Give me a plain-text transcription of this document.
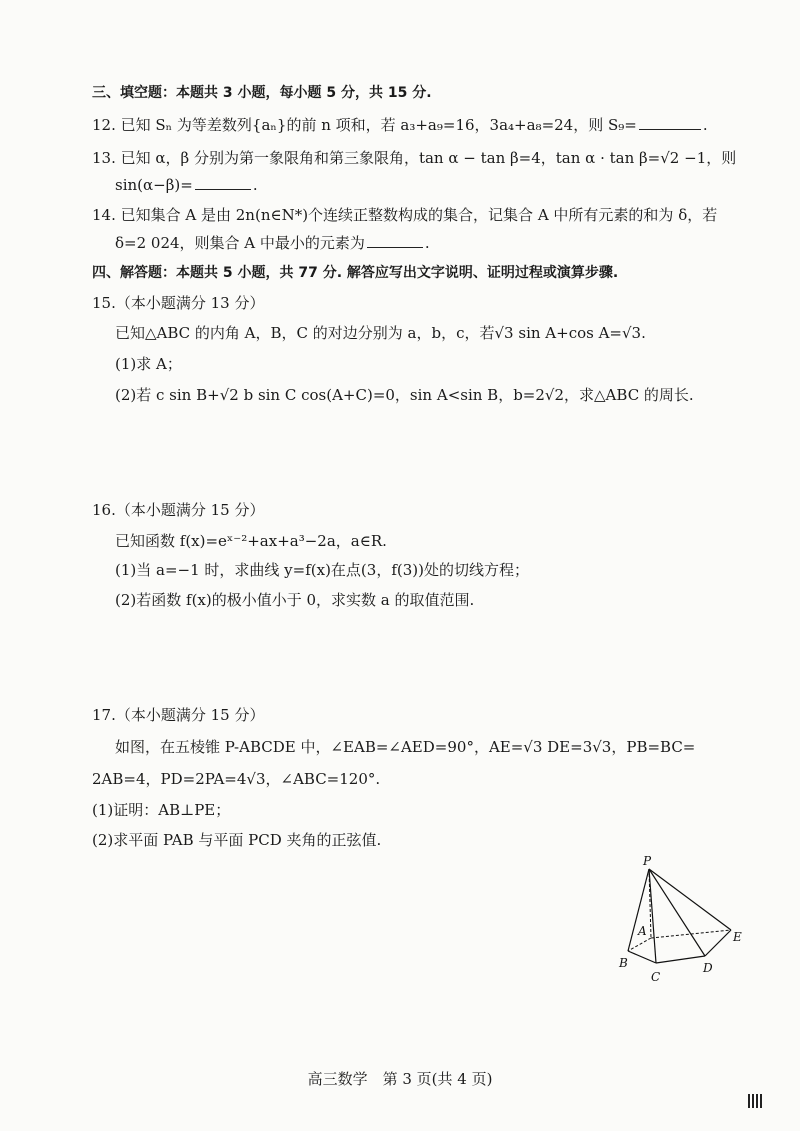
三、填空题：本题共 3 小题，每小题 5 分，共 15 分.
12. 已知 Sₙ 为等差数列{aₙ}的前 n 项和，若 a₃+a₉=16，3a₄+a₈=24，则 S₉=	.
13. 已知 α，β 分别为第一象限角和第三象限角，tan α − tan β=4，tan α · tan β=√2 −1，则
sin(α−β)=	.
14. 已知集合 A 是由 2n(n∈N*)个连续正整数构成的集合，记集合 A 中所有元素的和为 δ，若
δ=2 024，则集合 A 中最小的元素为	.
四、解答题：本题共 5 小题，共 77 分. 解答应写出文字说明、证明过程或演算步骤.
15.（本小题满分 13 分）
已知△ABC 的内角 A，B，C 的对边分别为 a，b，c，若√3 sin A+cos A=√3.
(1)求 A；
(2)若 c sin B+√2 b sin C cos(A+C)=0，sin A<sin B，b=2√2，求△ABC 的周长.
16.（本小题满分 15 分）
已知函数 f(x)=eˣ⁻²+ax+a³−2a，a∈R.
(1)当 a=−1 时，求曲线 y=f(x)在点(3，f(3))处的切线方程；
(2)若函数 f(x)的极小值小于 0，求实数 a 的取值范围.
17.（本小题满分 15 分）
如图，在五棱锥 P-ABCDE 中，∠EAB=∠AED=90°，AE=√3 DE=3√3，PB=BC=
2AB=4，PD=2PA=4√3，∠ABC=120°.
(1)证明：AB⊥PE；
(2)求平面 PAB 与平面 PCD 夹角的正弦值.
P
A
B
C
D
E
高三数学　第 3 页(共 4 页)
